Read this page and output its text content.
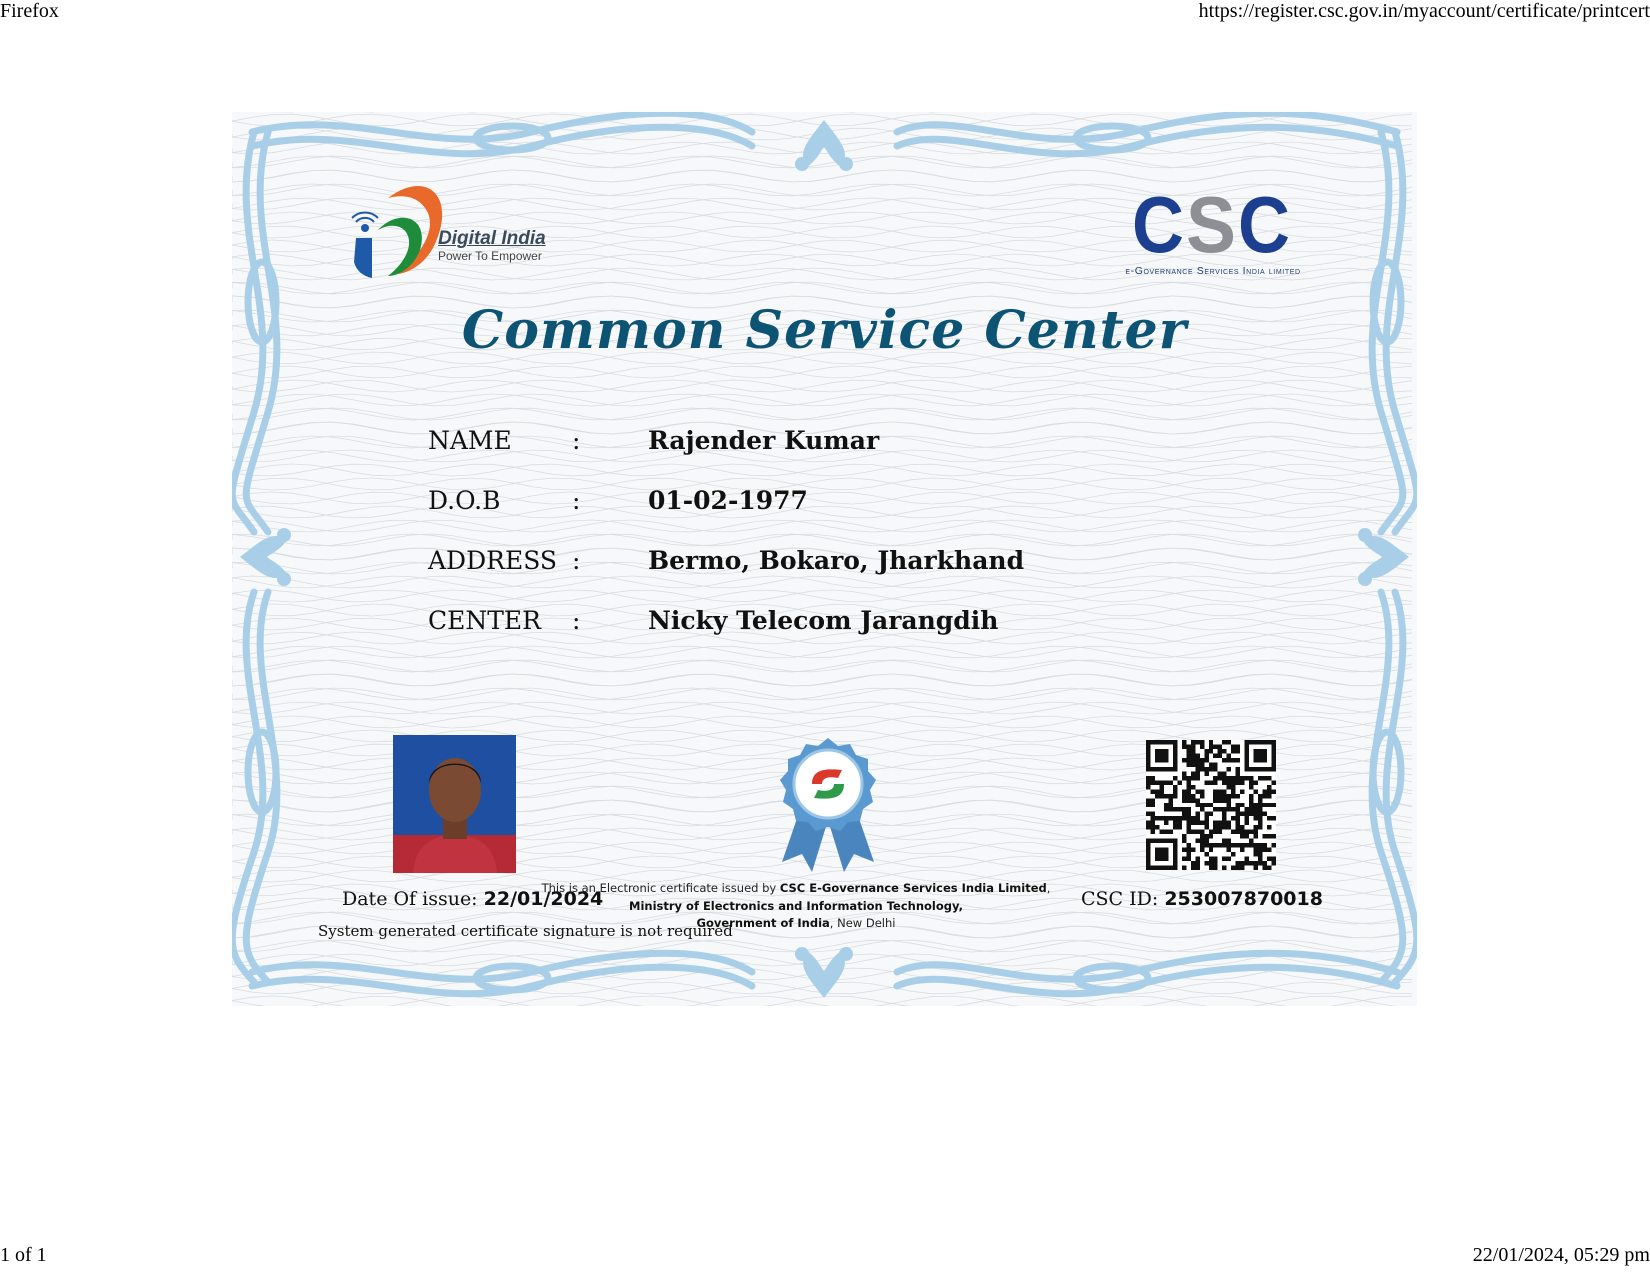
Firefox	https://register.csc.gov.in/myaccount/certificate/printcert
Digital India
Power To Empower	C S C
e-Governance Services India limited
Common Service Center
NAME :	Rajender Kumar
D.O.B	:	01-02-1977
ADDRESS :	Bermo, Bokaro, Jharkhand
CENTER :	Nicky Telecom Jarangdih
Date Of issue: 22/01/2024
System generated certificate signature is not required
This is an Electronic certificate issued by CSC E-Governance Services India Limited,
Ministry of Electronics and Information Technology,
Government of India, New Delhi
CSC ID: 253007870018
1 of 1	22/01/2024, 05:29 pm
